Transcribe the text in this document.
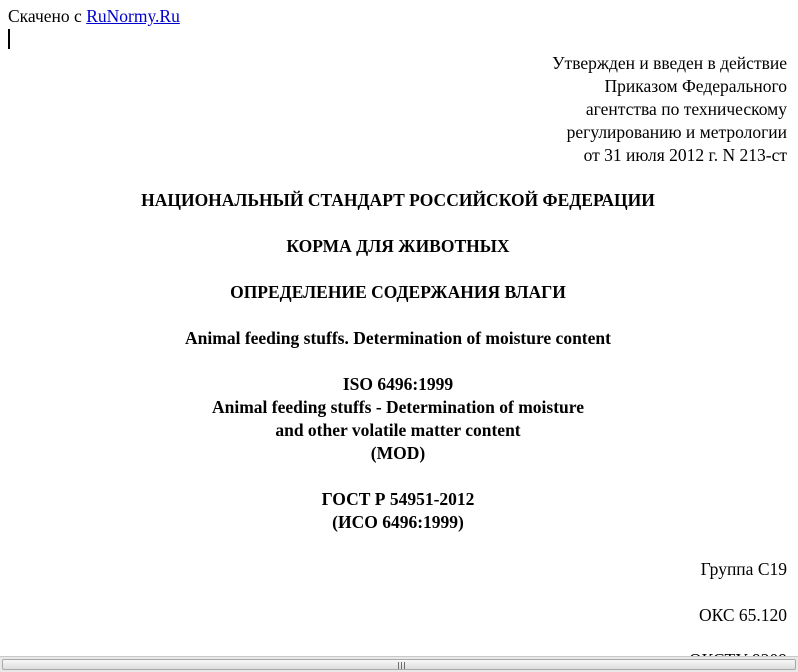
Скачено с RuNormy.Ru
Утвержден и введен в действие
Приказом Федерального
агентства по техническому
регулированию и метрологии
от 31 июля 2012 г. N 213-ст
НАЦИОНАЛЬНЫЙ СТАНДАРТ РОССИЙСКОЙ ФЕДЕРАЦИИ
КОРМА ДЛЯ ЖИВОТНЫХ
ОПРЕДЕЛЕНИЕ СОДЕРЖАНИЯ ВЛАГИ
Animal feeding stuffs. Determination of moisture content
ISO 6496:1999
Animal feeding stuffs - Determination of moisture
and other volatile matter content
(MOD)
ГОСТ Р 54951-2012
(ИСО 6496:1999)
Группа С19
ОКС 65.120
